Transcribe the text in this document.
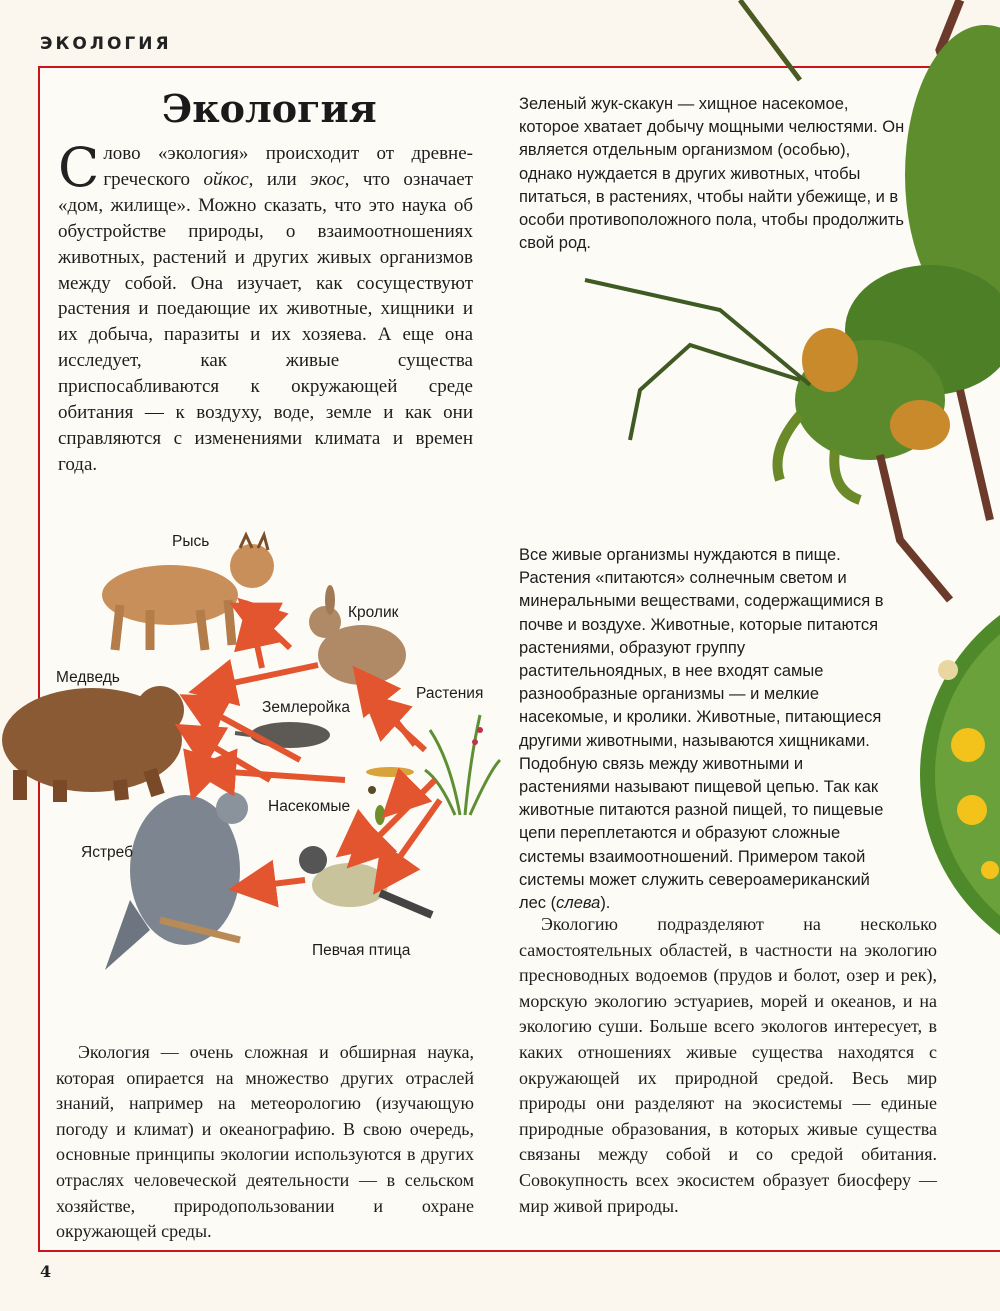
ЭКОЛОГИЯ
Экология
Слово «экология» происходит от древнегреческого ойкос, или экос, что означает «дом, жилище». Можно сказать, что это наука об обустройстве природы, о взаимоотношениях животных, растений и других живых организмов между собой. Она изучает, как сосуществуют растения и поедающие их животные, хищники и их добыча, паразиты и их хозяева. А еще она исследует, как живые существа приспосабливаются к окружающей среде обитания — к воздуху, воде, земле и как они справляются с изменениями климата и времен года.
Зеленый жук-скакун — хищное насекомое, которое хватает добычу мощными челюстями. Он является отдельным организмом (особью), однако нуждается в других животных, чтобы питаться, в растениях, чтобы найти убежище, и в особи противоположного пола, чтобы продолжить свой род.
Все живые организмы нуждаются в пище. Растения «питаются» солнечным светом и минеральными веществами, содержащимися в почве и воздухе. Животные, которые питаются растениями, образуют группу растительноядных, в нее входят самые разнообразные организмы — и мелкие насекомые, и кролики. Животные, питающиеся другими животными, называются хищниками. Подобную связь между животными и растениями называют пищевой цепью. Так как животные питаются разной пищей, то пищевые цепи переплетаются и образуют сложные системы взаимоотношений. Примером такой системы может служить североамериканский лес (слева).
Экологию подразделяют на несколько самостоятельных областей, в частности на экологию пресноводных водоемов (прудов и болот, озер и рек), морскую экологию эстуариев, морей и океанов, и на экологию суши. Больше всего экологов интересует, в каких отношениях живые существа находятся с окружающей их природной средой. Весь мир природы они разделяют на экосистемы — единые природные образования, в которых живые существа связаны между собой и со средой обитания. Совокупность всех экосистем образует биосферу — мир живой природы.
Экология — очень сложная и обширная наука, которая опирается на множество других отраслей знаний, например на метеорологию (изучающую погоду и климат) и океанографию. В свою очередь, основные принципы экологии используются в других отраслях человеческой деятельности — в сельском хозяйстве, природопользовании и охране окружающей среды.
Рысь
Кролик
Медведь
Землеройка
Растения
Насекомые
Ястреб
Певчая птица
4
